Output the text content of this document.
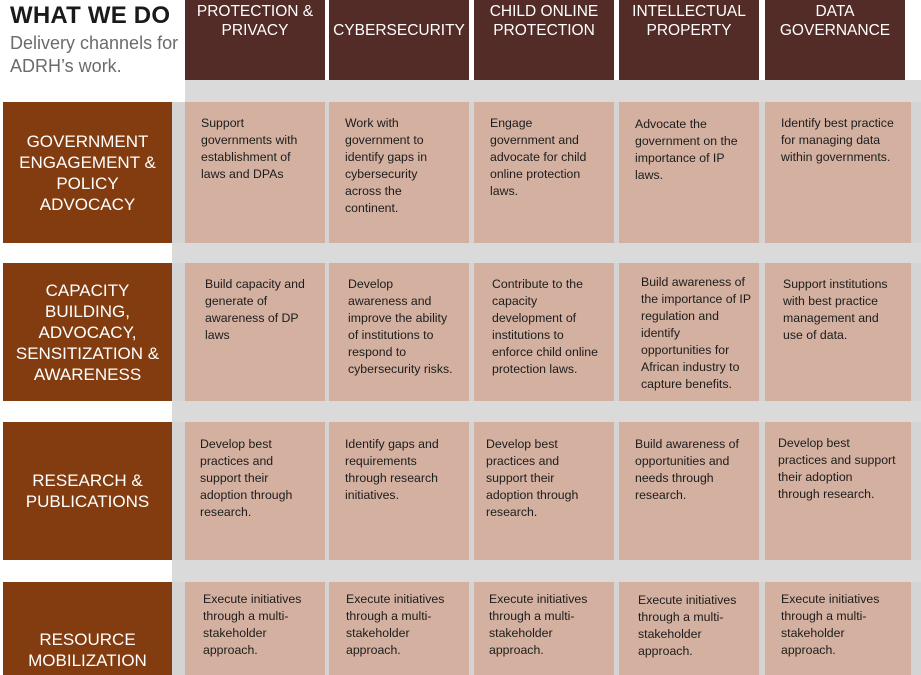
WHAT WE DO
Delivery channels for ADRH’s work.
PROTECTION & PRIVACY	CYBERSECURITY
CHILD ONLINE PROTECTION
INTELLECTUAL PROPERTY
DATA GOVERNANCE
GOVERNMENT ENGAGEMENT & POLICY ADVOCACY
CAPACITY BUILDING, ADVOCACY, SENSITIZATION & AWARENESS
RESEARCH & PUBLICATIONS
RESOURCE MOBILIZATION
Support governments with establishment of laws and DPAs
Work with government to identify gaps in cybersecurity across the continent.
Engage government and advocate for child online protection laws.
Advocate the government on the importance of IP laws.
Identify best practice for managing data within governments.
Build capacity and generate of awareness of DP laws
Develop awareness and improve the ability of institutions to respond to cybersecurity risks.
Contribute to the capacity development of institutions to enforce child online protection laws.
Build awareness of the importance of IP regulation and identify opportunities for African industry to capture benefits.
Support institutions with best practice management and use of data.
Develop best practices and support their adoption through research.
Identify gaps and requirements through research initiatives.
Develop best practices and support their adoption through research.
Build awareness of opportunities and needs through research.
Develop best practices and support their adoption through research.
Execute initiatives through a multi-stakeholder approach.
Execute initiatives through a multi-stakeholder approach.
Execute initiatives through a multi-stakeholder approach.
Execute initiatives through a multi-stakeholder approach.
Execute initiatives through a multi-stakeholder approach.
